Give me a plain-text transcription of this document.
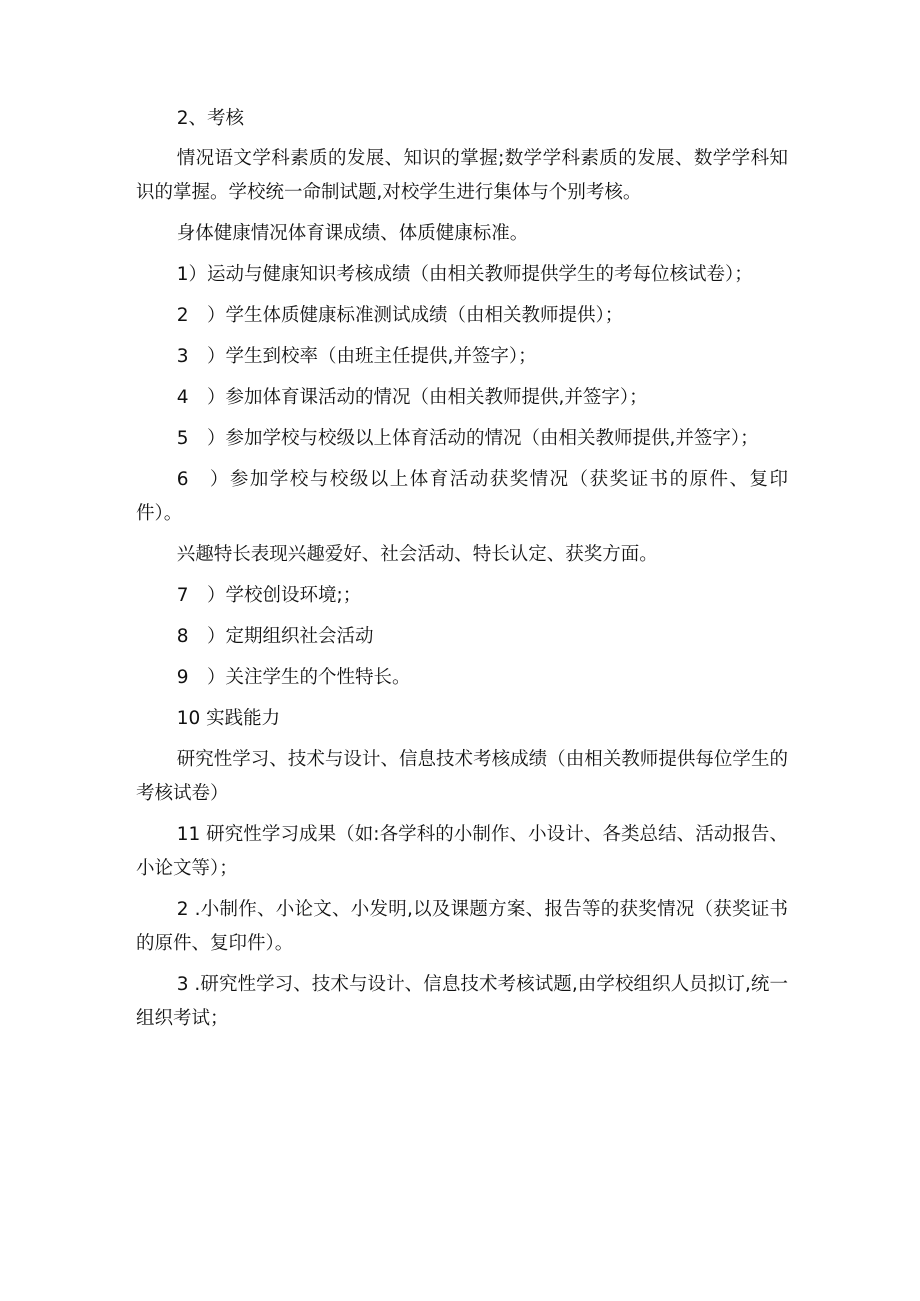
2、考核

情况语文学科素质的发展、知识的掌握;数学学科素质的发展、数学学科知识的掌握。学校统一命制试题,对校学生进行集体与个别考核。

身体健康情况体育课成绩、体质健康标准。

1）运动与健康知识考核成绩（由相关教师提供学生的考每位核试卷）；

2　）学生体质健康标准测试成绩（由相关教师提供）；

3　）学生到校率（由班主任提供,并签字）；

4　）参加体育课活动的情况（由相关教师提供,并签字）；

5　）参加学校与校级以上体育活动的情况（由相关教师提供,并签字）；

6　）参加学校与校级以上体育活动获奖情况（获奖证书的原件、复印件）。

兴趣特长表现兴趣爱好、社会活动、特长认定、获奖方面。

7　）学校创设环境;；

8　）定期组织社会活动

9　）关注学生的个性特长。

10 实践能力

研究性学习、技术与设计、信息技术考核成绩（由相关教师提供每位学生的考核试卷）

11 研究性学习成果（如:各学科的小制作、小设计、各类总结、活动报告、小论文等）；

2 .小制作、小论文、小发明,以及课题方案、报告等的获奖情况（获奖证书的原件、复印件）。

3 .研究性学习、技术与设计、信息技术考核试题,由学校组织人员拟订,统一组织考试；
